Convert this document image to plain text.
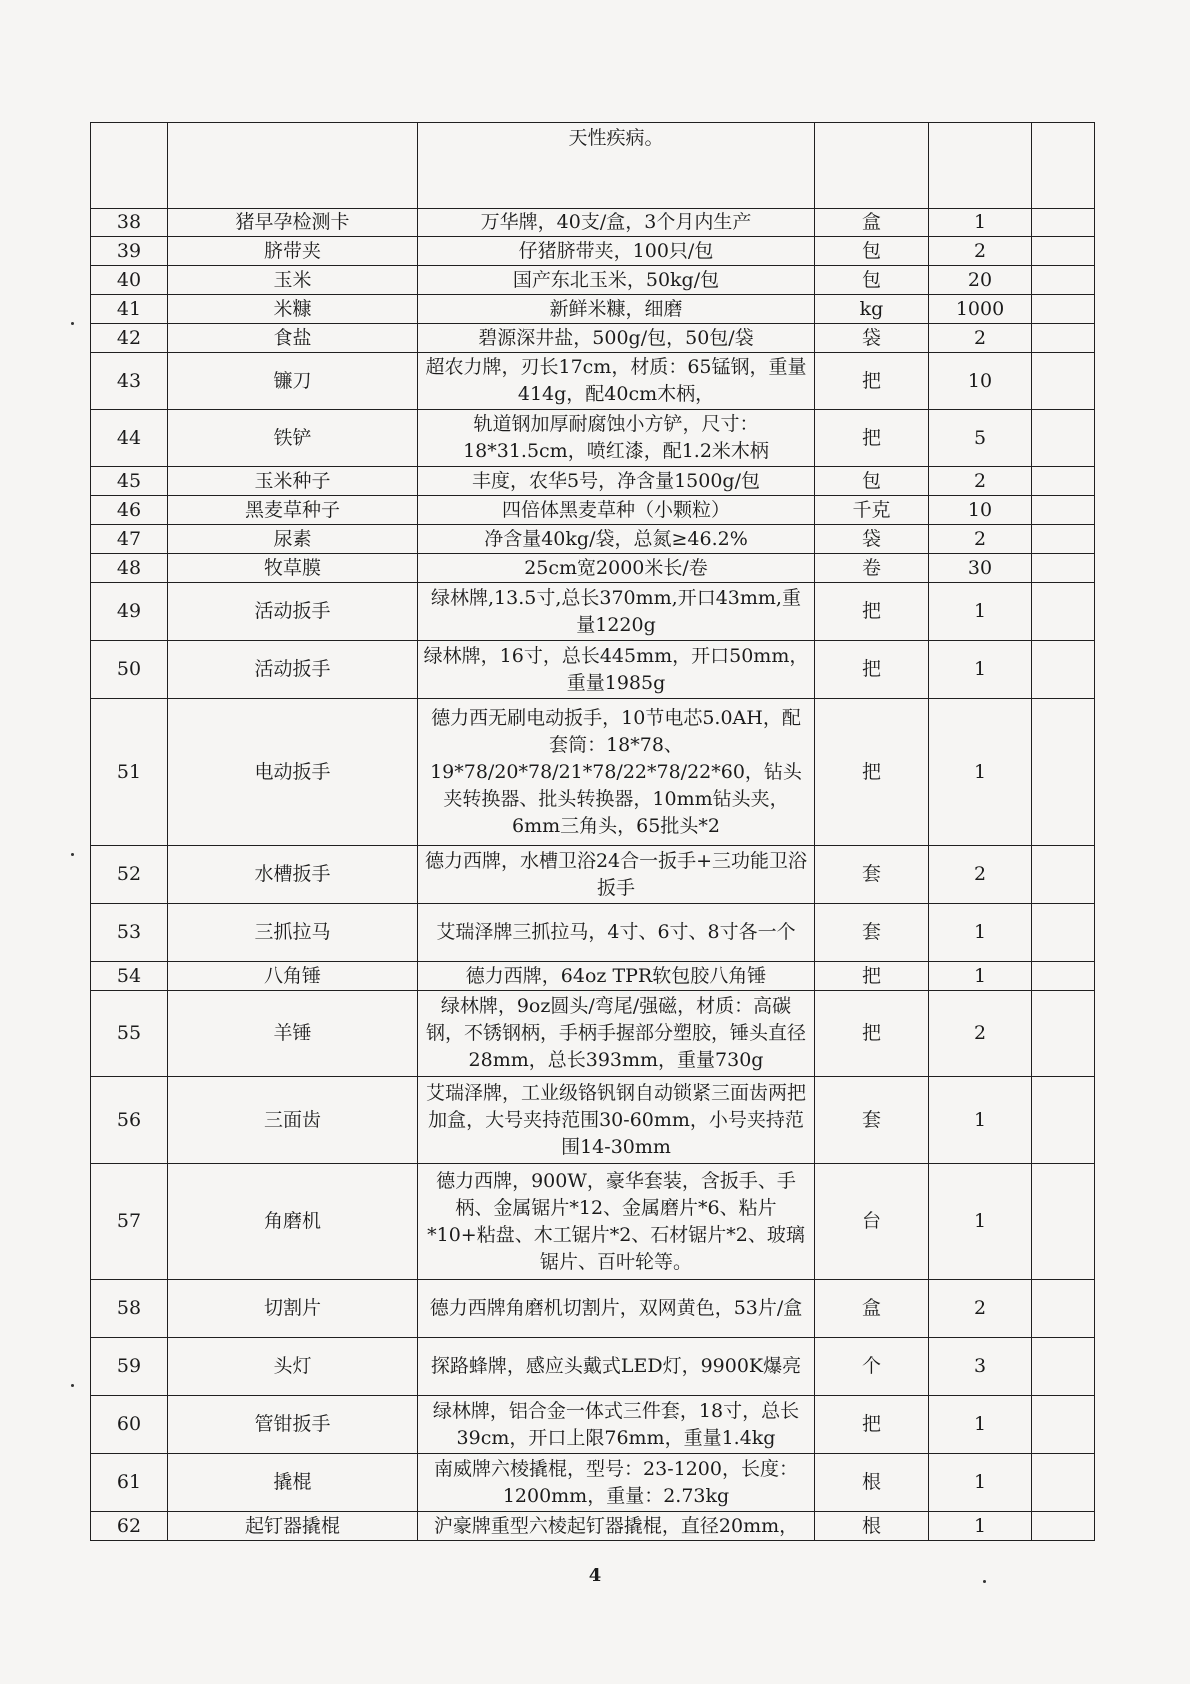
		天性疾病。			
38	猪早孕检测卡	万华牌，40支/盒，3个月内生产	盒	1	
39	脐带夹	仔猪脐带夹，100只/包	包	2	
40	玉米	国产东北玉米，50kg/包	包	20	
41	米糠	新鲜米糠，细磨	kg	1000	
42	食盐	碧源深井盐，500g/包，50包/袋	袋	2	
43	镰刀	超农力牌，刃长17cm，材质：65锰钢，重量414g，配40cm木柄，	把	10	
44	铁铲	轨道钢加厚耐腐蚀小方铲，尺寸：18*31.5cm，喷红漆，配1.2米木柄	把	5	
45	玉米种子	丰度，农华5号，净含量1500g/包	包	2	
46	黑麦草种子	四倍体黑麦草种（小颗粒）	千克	10	
47	尿素	净含量40kg/袋，总氮≥46.2%	袋	2	
48	牧草膜	25cm宽2000米长/卷	卷	30	
49	活动扳手	绿林牌,13.5寸,总长370mm,开口43mm,重量1220g	把	1	
50	活动扳手	绿林牌，16寸，总长445mm，开口50mm，重量1985g	把	1	
51	电动扳手	德力西无刷电动扳手，10节电芯5.0AH，配套筒：18*78、19*78/20*78/21*78/22*78/22*60，钻头夹转换器、批头转换器，10mm钻头夹，6mm三角头，65批头*2	把	1	
52	水槽扳手	德力西牌，水槽卫浴24合一扳手+三功能卫浴扳手	套	2	
53	三抓拉马	艾瑞泽牌三抓拉马，4寸、6寸、8寸各一个	套	1	
54	八角锤	德力西牌，64oz TPR软包胶八角锤	把	1	
55	羊锤	绿林牌，9oz圆头/弯尾/强磁，材质：高碳钢，不锈钢柄，手柄手握部分塑胶，锤头直径28mm，总长393mm，重量730g	把	2	
56	三面齿	艾瑞泽牌，工业级铬钒钢自动锁紧三面齿两把加盒，大号夹持范围30-60mm，小号夹持范围14-30mm	套	1	
57	角磨机	德力西牌，900W，豪华套装，含扳手、手柄、金属锯片*12、金属磨片*6、粘片*10+粘盘、木工锯片*2、石材锯片*2、玻璃锯片、百叶轮等。	台	1	
58	切割片	德力西牌角磨机切割片，双网黄色，53片/盒	盒	2	
59	头灯	探路蜂牌，感应头戴式LED灯，9900K爆亮	个	3	
60	管钳扳手	绿林牌，铝合金一体式三件套，18寸，总长39cm，开口上限76mm，重量1.4kg	把	1	
61	撬棍	南威牌六棱撬棍，型号：23-1200，长度：1200mm，重量：2.73kg	根	1	
62	起钉器撬棍	沪豪牌重型六棱起钉器撬棍，直径20mm，	根	1	
4
